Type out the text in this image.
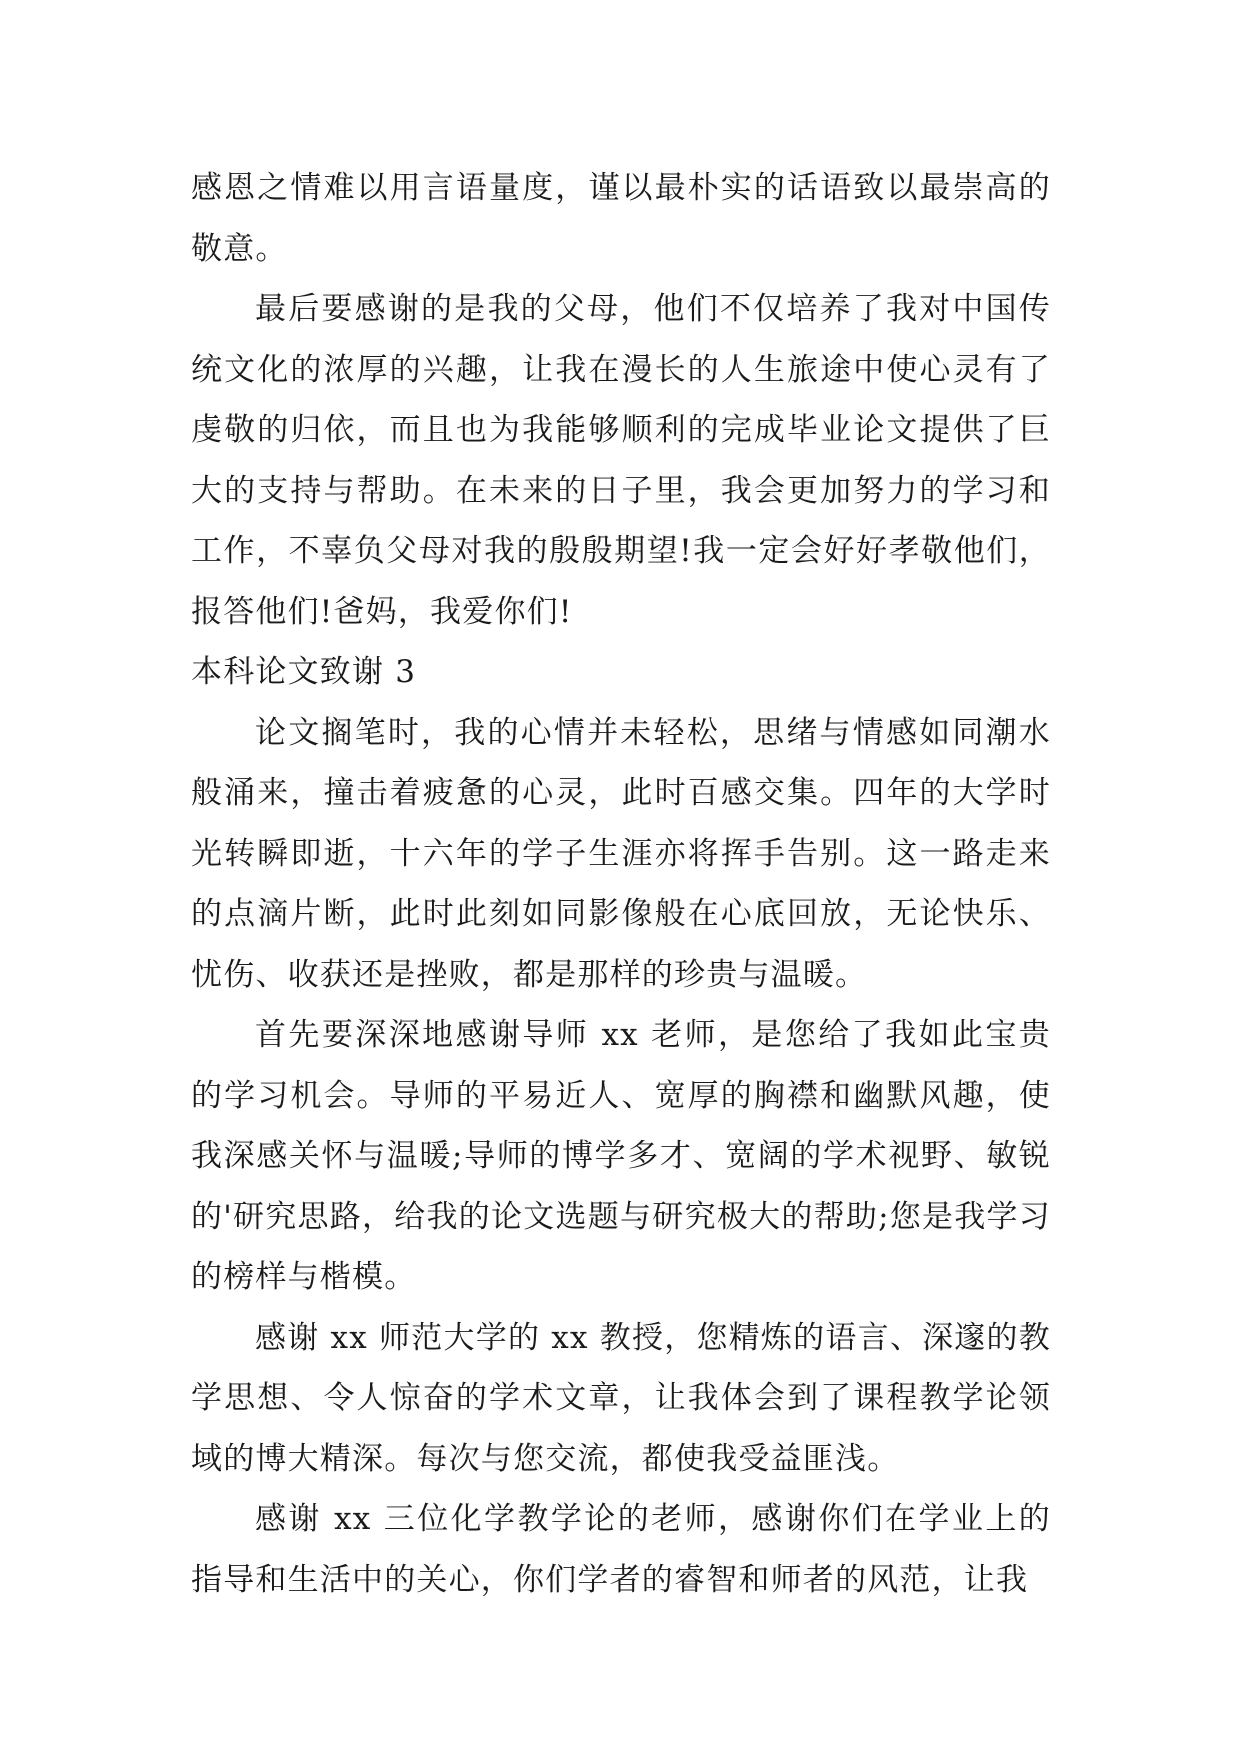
感恩之情难以用言语量度，谨以最朴实的话语致以最崇高的敬意。

最后要感谢的是我的父母，他们不仅培养了我对中国传统文化的浓厚的兴趣，让我在漫长的人生旅途中使心灵有了虔敬的归依，而且也为我能够顺利的完成毕业论文提供了巨大的支持与帮助。在未来的日子里，我会更加努力的学习和工作，不辜负父母对我的殷殷期望!我一定会好好孝敬他们，报答他们!爸妈，我爱你们!

本科论文致谢 3

论文搁笔时，我的心情并未轻松，思绪与情感如同潮水般涌来，撞击着疲惫的心灵，此时百感交集。四年的大学时光转瞬即逝，十六年的学子生涯亦将挥手告别。这一路走来的点滴片断，此时此刻如同影像般在心底回放，无论快乐、忧伤、收获还是挫败，都是那样的珍贵与温暖。

首先要深深地感谢导师 xx 老师，是您给了我如此宝贵的学习机会。导师的平易近人、宽厚的胸襟和幽默风趣，使我深感关怀与温暖;导师的博学多才、宽阔的学术视野、敏锐的'研究思路，给我的论文选题与研究极大的帮助;您是我学习的榜样与楷模。

感谢 xx 师范大学的 xx 教授，您精炼的语言、深邃的教学思想、令人惊奋的学术文章，让我体会到了课程教学论领域的博大精深。每次与您交流，都使我受益匪浅。

感谢 xx 三位化学教学论的老师，感谢你们在学业上的指导和生活中的关心，你们学者的睿智和师者的风范，让我
